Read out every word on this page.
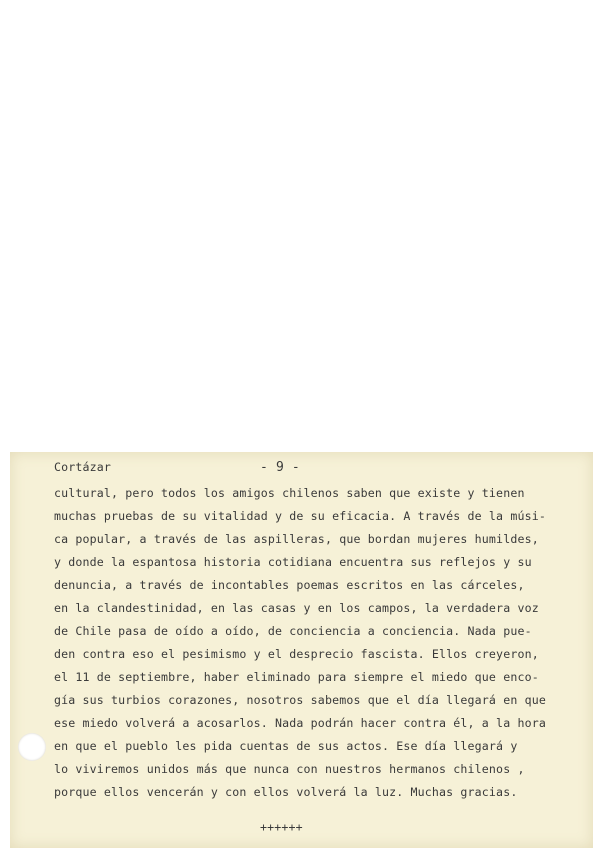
Cortázar	- 9 -
cultural, pero todos los amigos chilenos saben que existe y tienen
muchas pruebas de su vitalidad y de su eficacia. A través de la músi-
ca popular, a través de las aspilleras, que bordan mujeres humildes,
y donde la espantosa historia cotidiana encuentra sus reflejos y su
denuncia, a través de incontables poemas escritos en las cárceles,
en la clandestinidad, en las casas y en los campos, la verdadera voz
de Chile pasa de oído a oído, de conciencia a conciencia. Nada pue-
den contra eso el pesimismo y el desprecio fascista. Ellos creyeron,
el 11 de septiembre, haber eliminado para siempre el miedo que enco-
gía sus turbios corazones, nosotros sabemos que el día llegará en que
ese miedo volverá a acosarlos. Nada podrán hacer contra él, a la hora
en que el pueblo les pida cuentas de sus actos. Ese día llegará y
lo viviremos unidos más que nunca con nuestros hermanos chilenos ,
porque ellos vencerán y con ellos volverá la luz. Muchas gracias.
++++++
